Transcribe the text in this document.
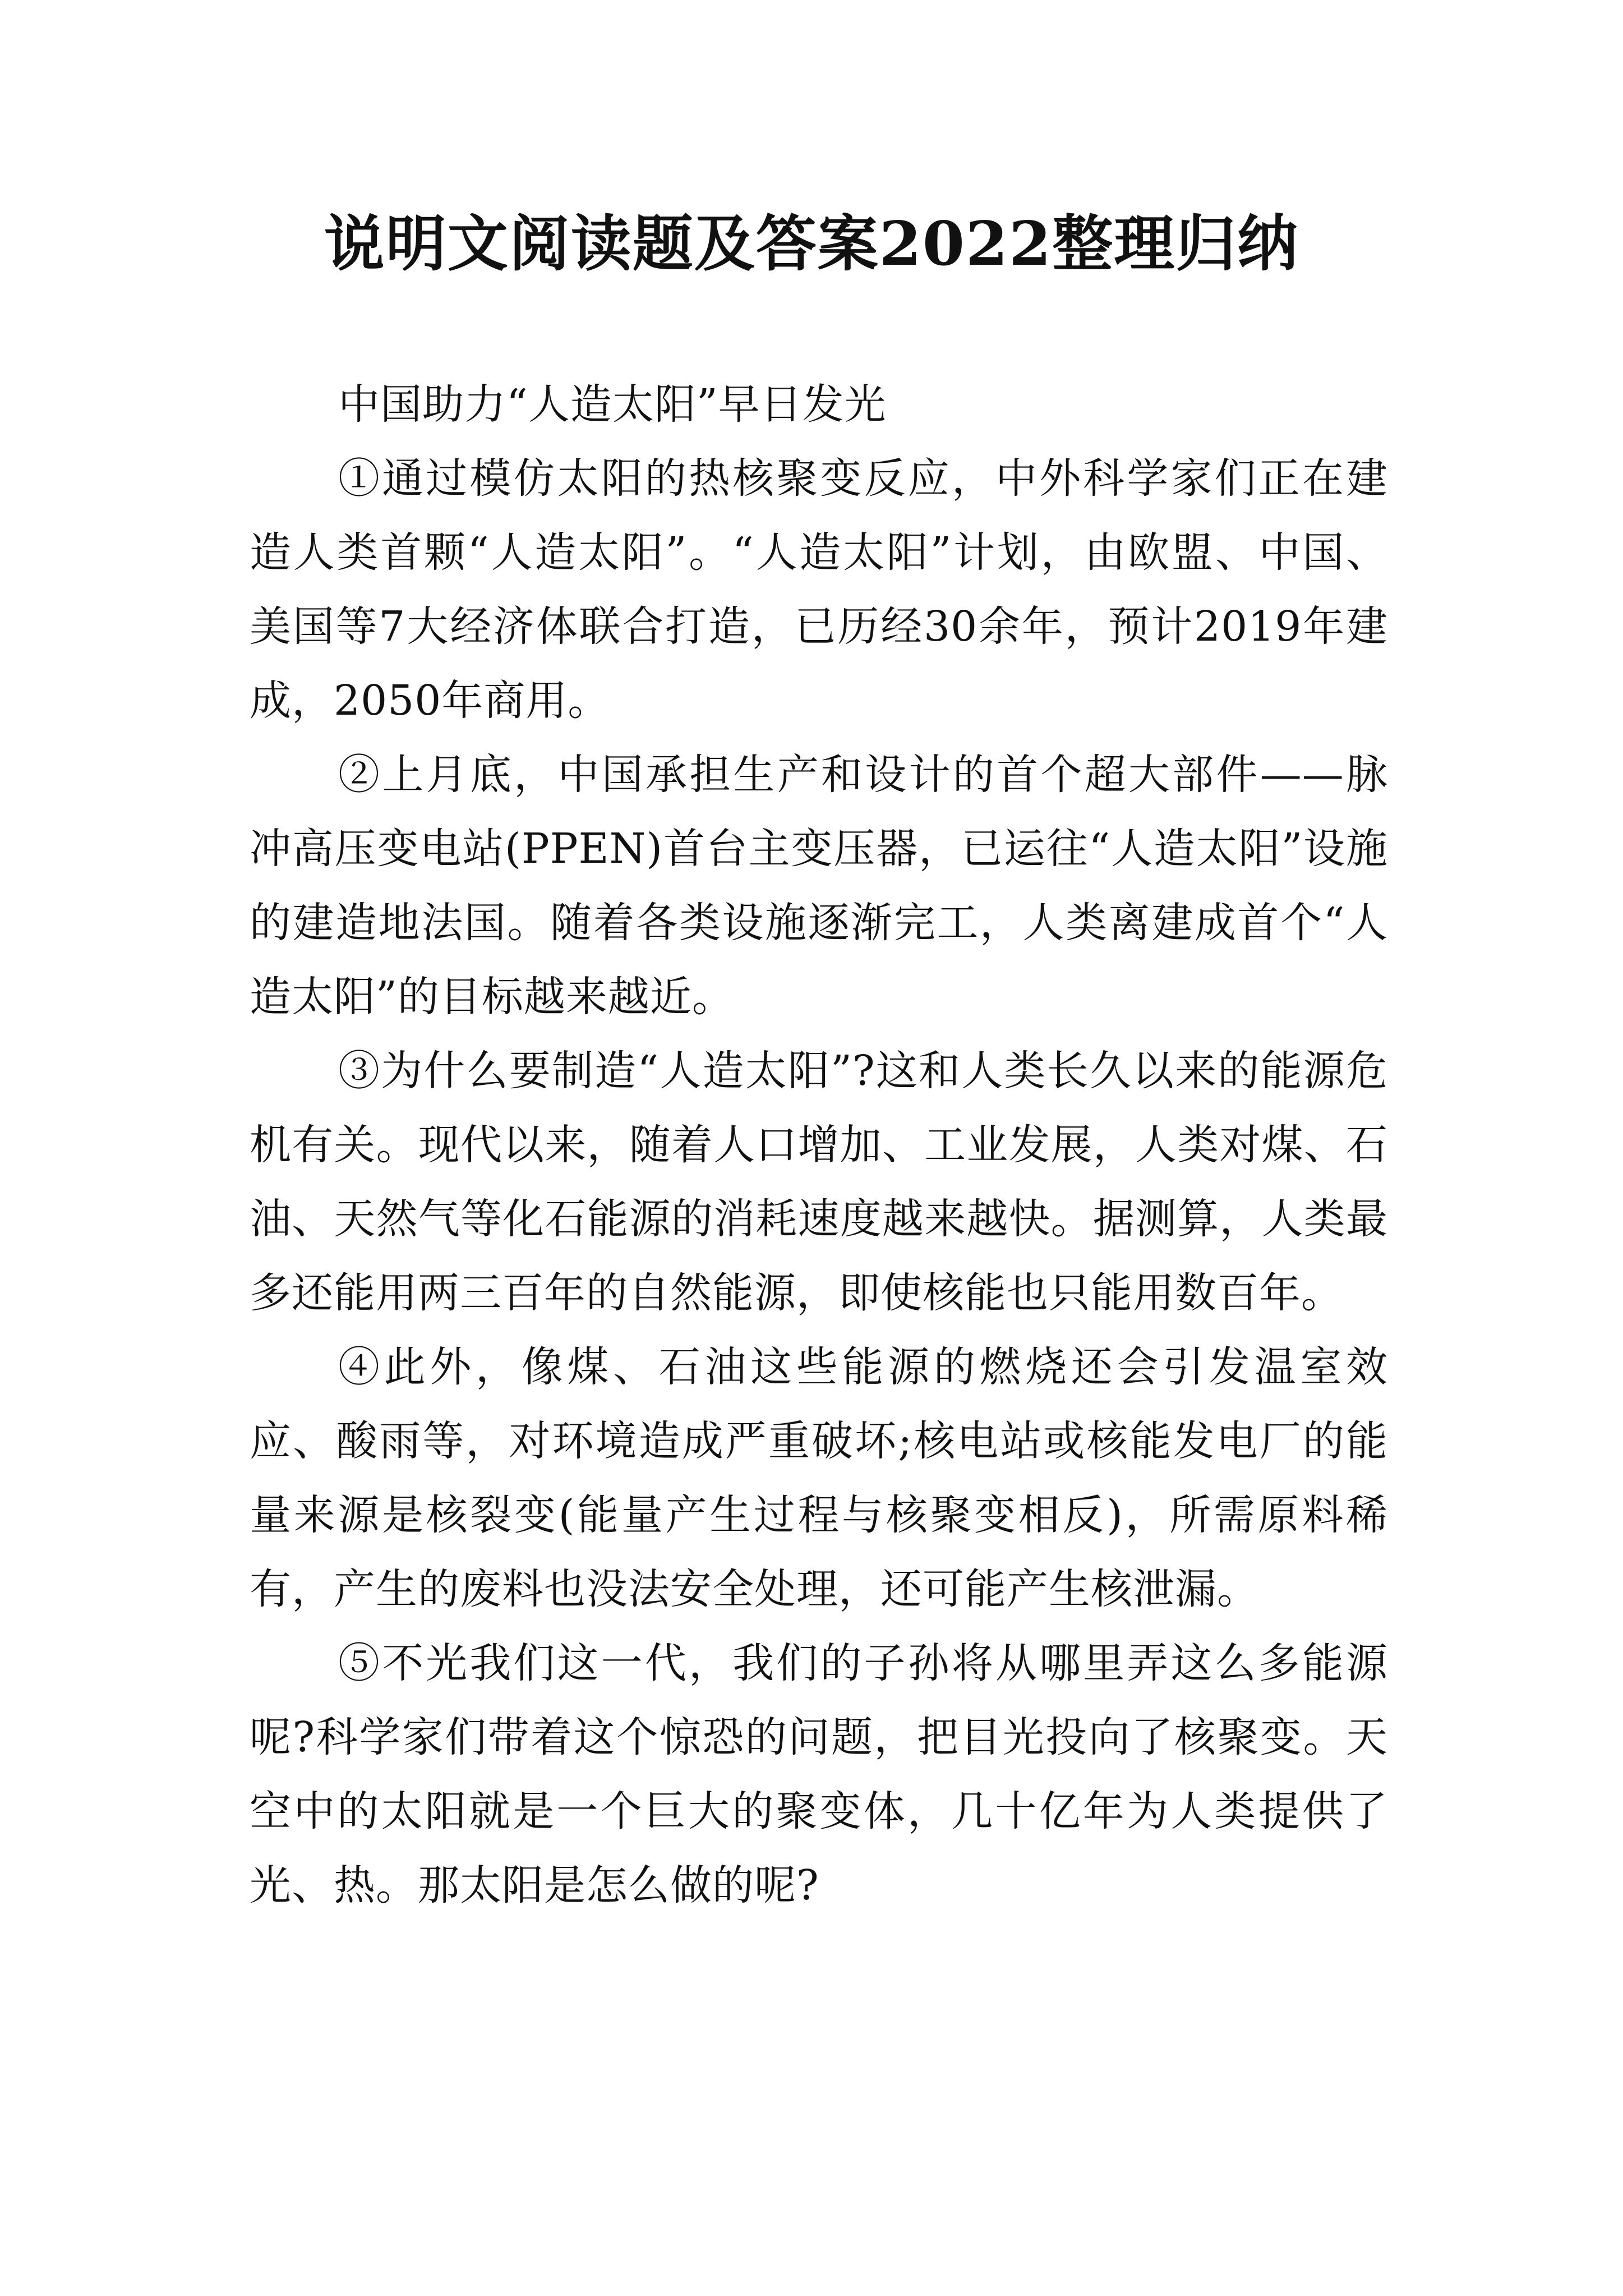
说明文阅读题及答案2022整理归纳

中国助力“人造太阳”早日发光

①通过模仿太阳的热核聚变反应，中外科学家们正在建造人类首颗“人造太阳”。“人造太阳”计划，由欧盟、中国、美国等7大经济体联合打造，已历经30余年，预计2019年建成，2050年商用。

②上月底，中国承担生产和设计的首个超大部件——脉冲高压变电站(PPEN)首台主变压器，已运往“人造太阳”设施的建造地法国。随着各类设施逐渐完工，人类离建成首个“人造太阳”的目标越来越近。

③为什么要制造“人造太阳”?这和人类长久以来的能源危机有关。现代以来，随着人口增加、工业发展，人类对煤、石油、天然气等化石能源的消耗速度越来越快。据测算，人类最多还能用两三百年的自然能源，即使核能也只能用数百年。

④此外，像煤、石油这些能源的燃烧还会引发温室效应、酸雨等，对环境造成严重破坏;核电站或核能发电厂的能量来源是核裂变(能量产生过程与核聚变相反)，所需原料稀有，产生的废料也没法安全处理，还可能产生核泄漏。

⑤不光我们这一代，我们的子孙将从哪里弄这么多能源呢?科学家们带着这个惊恐的问题，把目光投向了核聚变。天空中的太阳就是一个巨大的聚变体，几十亿年为人类提供了光、热。那太阳是怎么做的呢?
